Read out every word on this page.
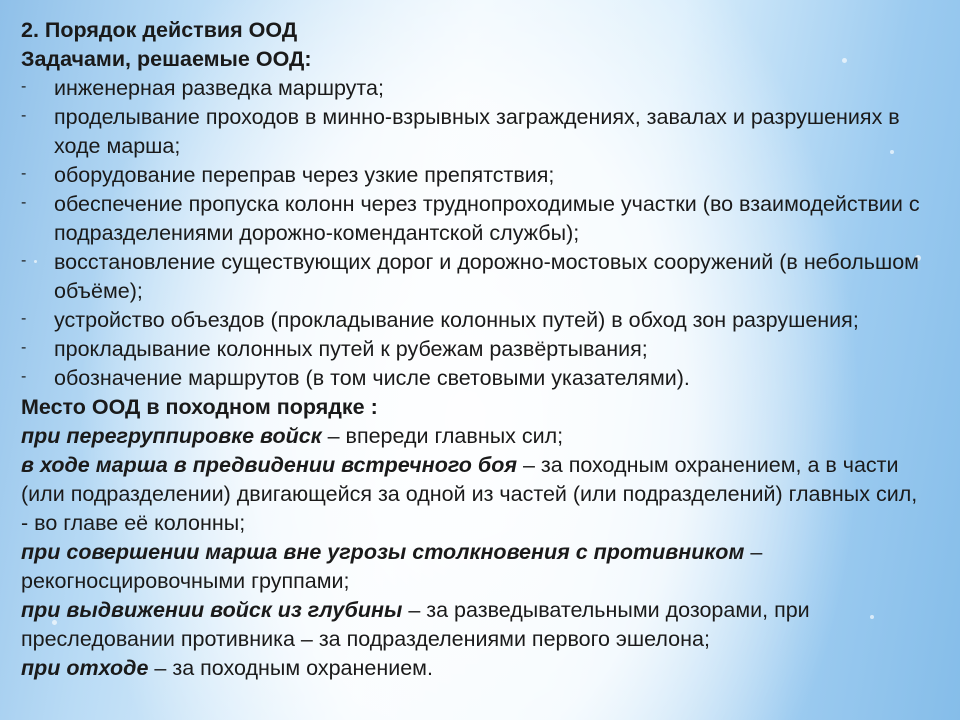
2. Порядок действия ООД

Задачами, решаемые ООД:

- инженерная разведка маршрута;
- проделывание проходов в минно-взрывных заграждениях, завалах и разрушениях в ходе марша;
- оборудование переправ через узкие препятствия;
- обеспечение пропуска колонн через труднопроходимые участки (во взаимодействии с подразделениями дорожно-комендантской службы);
- восстановление существующих дорог и дорожно-мостовых сооружений (в небольшом объёме);
- устройство объездов (прокладывание колонных путей) в обход зон разрушения;
- прокладывание колонных путей к рубежам развёртывания;
- обозначение маршрутов (в том числе световыми указателями).

Место ООД в походном порядке :

при перегруппировке войск – впереди главных сил;

в ходе марша в предвидении встречного боя – за походным охранением, а в части (или подразделении) двигающейся за одной из частей (или подразделений) главных сил, - во главе её колонны;

при совершении марша вне угрозы столкновения с противником – рекогносцировочными группами;

при выдвижении войск из глубины – за разведывательными дозорами, при преследовании противника – за подразделениями первого эшелона;

при отходе – за походным охранением.
